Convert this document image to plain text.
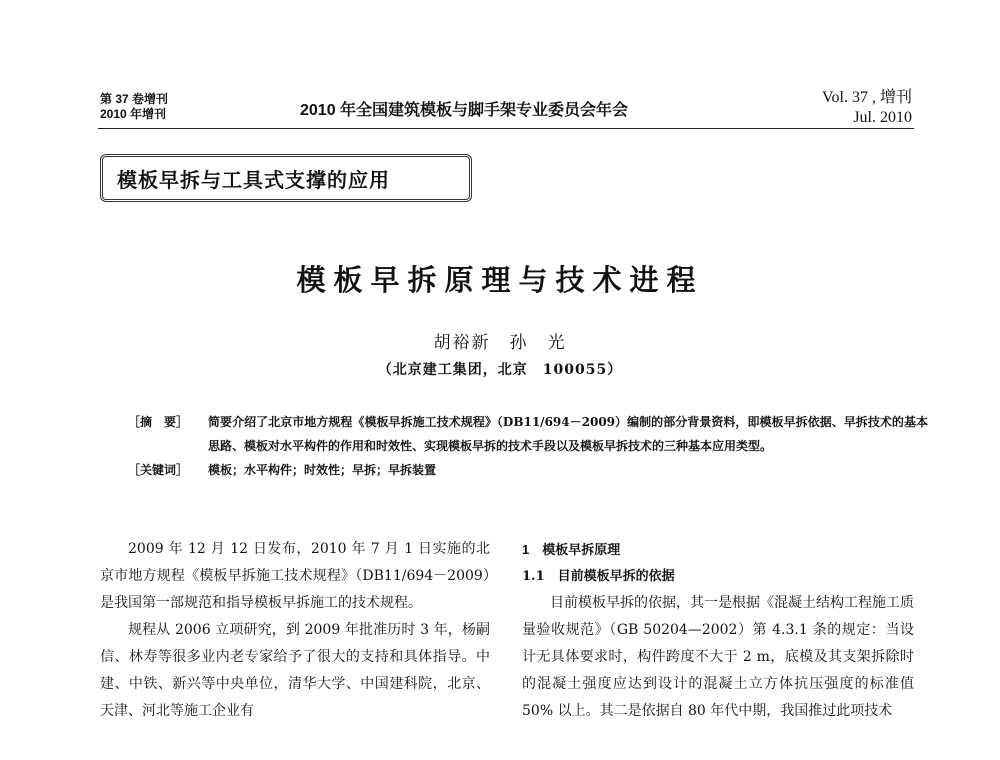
第 37 卷增刊
2010 年增刊	2010 年全国建筑模板与脚手架专业委员会年会
Vol. 37 , 增刊
Jul. 2010
模板早拆与工具式支撑的应用
模板早拆原理与技术进程
胡裕新　孙　光
（北京建工集团，北京　100055）
［摘　要］	简要介绍了北京市地方规程《模板早拆施工技术规程》（DB11/694－2009）编制的部分背景资料，即模板早拆依据、早拆技术的基本思路、模板对水平构件的作用和时效性、实现模板早拆的技术手段以及模板早拆技术的三种基本应用类型。
［关键词］	模板；水平构件；时效性；早拆；早拆装置

2009 年 12 月 12 日发布，2010 年 7 月 1 日实施的北京市地方规程《模板早拆施工技术规程》（DB11/694－2009）是我国第一部规范和指导模板早拆施工的技术规程。

规程从 2006 立项研究，到 2009 年批准历时 3 年，杨嗣信、林寿等很多业内老专家给予了很大的支持和具体指导。中建、中铁、新兴等中央单位，清华大学、中国建科院，北京、天津、河北等施工企业有

1　模板早拆原理

1.1　目前模板早拆的依据

目前模板早拆的依据，其一是根据《混凝土结构工程施工质量验收规范》（GB 50204—2002）第 4.3.1 条的规定：当设计无具体要求时，构件跨度不大于 2 m，底模及其支架拆除时的混凝土强度应达到设计的混凝土立方体抗压强度的标准值 50% 以上。其二是依据自 80 年代中期，我国推过此项技术
